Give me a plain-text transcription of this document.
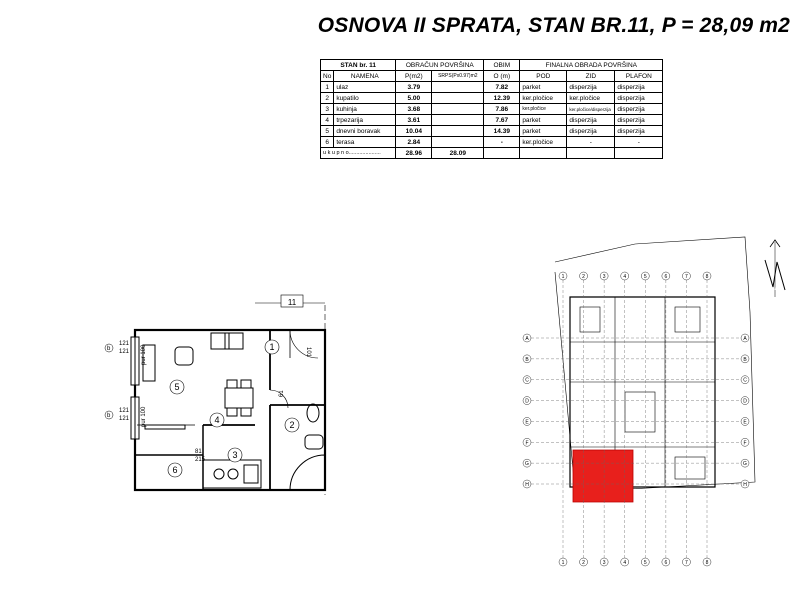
OSNOVA II SPRATA, STAN BR.11, P = 28,09 m2
STAN br. 11		OBRAČUN POVRŠINA		OBIM	FINALNA OBRADA POVRŠINA		
No	NAMENA	P(m2)	SRPS(Px0.97)m2	O (m)	POD	ZID	PLAFON
1	ulaz	3.79		7.82	parket	disperzija	disperzija
2	kupatilo	5.00		12.39	ker.pločice	ker.pločice	disperzija
3	kuhinja	3.68		7.86	ker.pločice	ker.pločice/disperzija	disperzija
4	trpezarija	3.61		7.67	parket	disperzija	disperzija
5	dnevni boravak	10.04		14.39	parket	disperzija	disperzija
6	terasa	2.84		-	ker.pločice	-	-
u k u p n o.....................		28.96	28.09				
11
1
2
3
4
5
6
b
121
121
b
121
121
pur 100
pur 100
81
215
61
101
1
1
2
2
3
3
4
4
5
5
6
6
7
7
8
8
A	A
B	B
C	C
D	D
E	E
F	F
G	G
H	H
N
